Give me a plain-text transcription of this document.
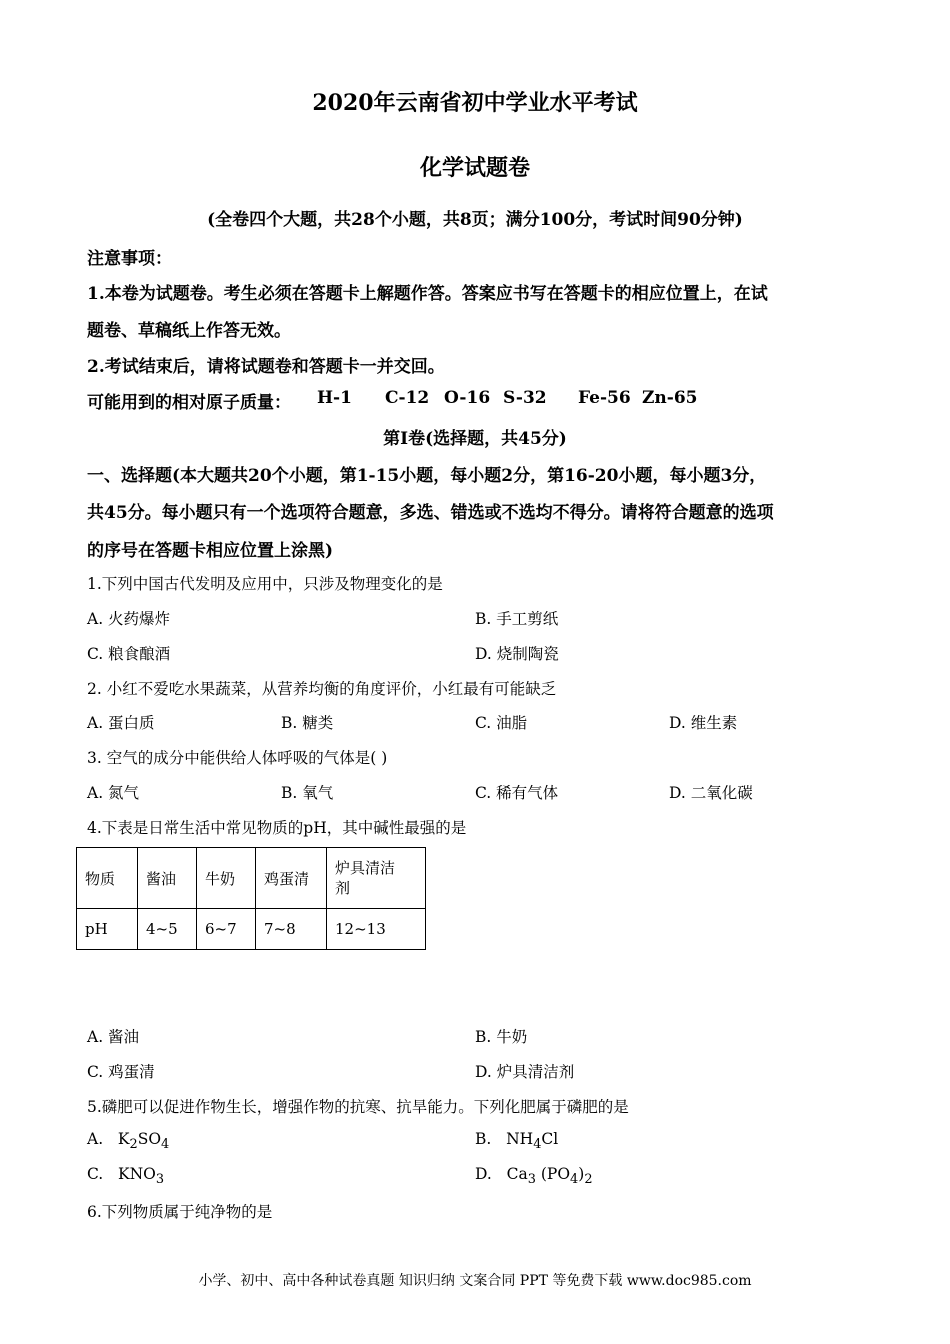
2020年云南省初中学业水平考试
化学试题卷
(全卷四个大题，共28个小题，共8页；满分100分，考试时间90分钟)
注意事项：
1.本卷为试题卷。考生必须在答题卡上解题作答。答案应书写在答题卡的相应位置上，在试
题卷、草稿纸上作答无效。
2.考试结束后，请将试题卷和答题卡一并交回。
可能用到的相对原子质量： H-1 C-12 O-16 S-32 Fe-56 Zn-65
第Ⅰ卷(选择题，共45分)
一、选择题(本大题共20个小题，第1-15小题，每小题2分，第16-20小题，每小题3分，
共45分。每小题只有一个选项符合题意，多选、错选或不选均不得分。请将符合题意的选项
的序号在答题卡相应位置上涂黑)
1.下列中国古代发明及应用中，只涉及物理变化的是
A. 火药爆炸	B. 手工剪纸
C. 粮食酿酒	D. 烧制陶瓷
2. 小红不爱吃水果蔬菜，从营养均衡的角度评价，小红最有可能缺乏
A. 蛋白质	B. 糖类	C. 油脂	D. 维生素
3. 空气的成分中能供给人体呼吸的气体是( )
A. 氮气	B. 氧气	C. 稀有气体	D. 二氧化碳
4.下表是日常生活中常见物质的pH，其中碱性最强的是
物质	酱油	牛奶	鸡蛋清	炉具清洁
剂
pH	4~5	6~7	7~8	12~13
A. 酱油	B. 牛奶
C. 鸡蛋清	D. 炉具清洁剂
5.磷肥可以促进作物生长，增强作物的抗寒、抗旱能力。下列化肥属于磷肥的是
A. $K_2SO_4$	B. $NH_4Cl$
C. $KNO_3$	D. $Ca_3$ $(PO_4)_2$
6.下列物质属于纯净物的是
小学、初中、高中各种试卷真题 知识归纳 文案合同 PPT 等免费下载 www.doc985.com
